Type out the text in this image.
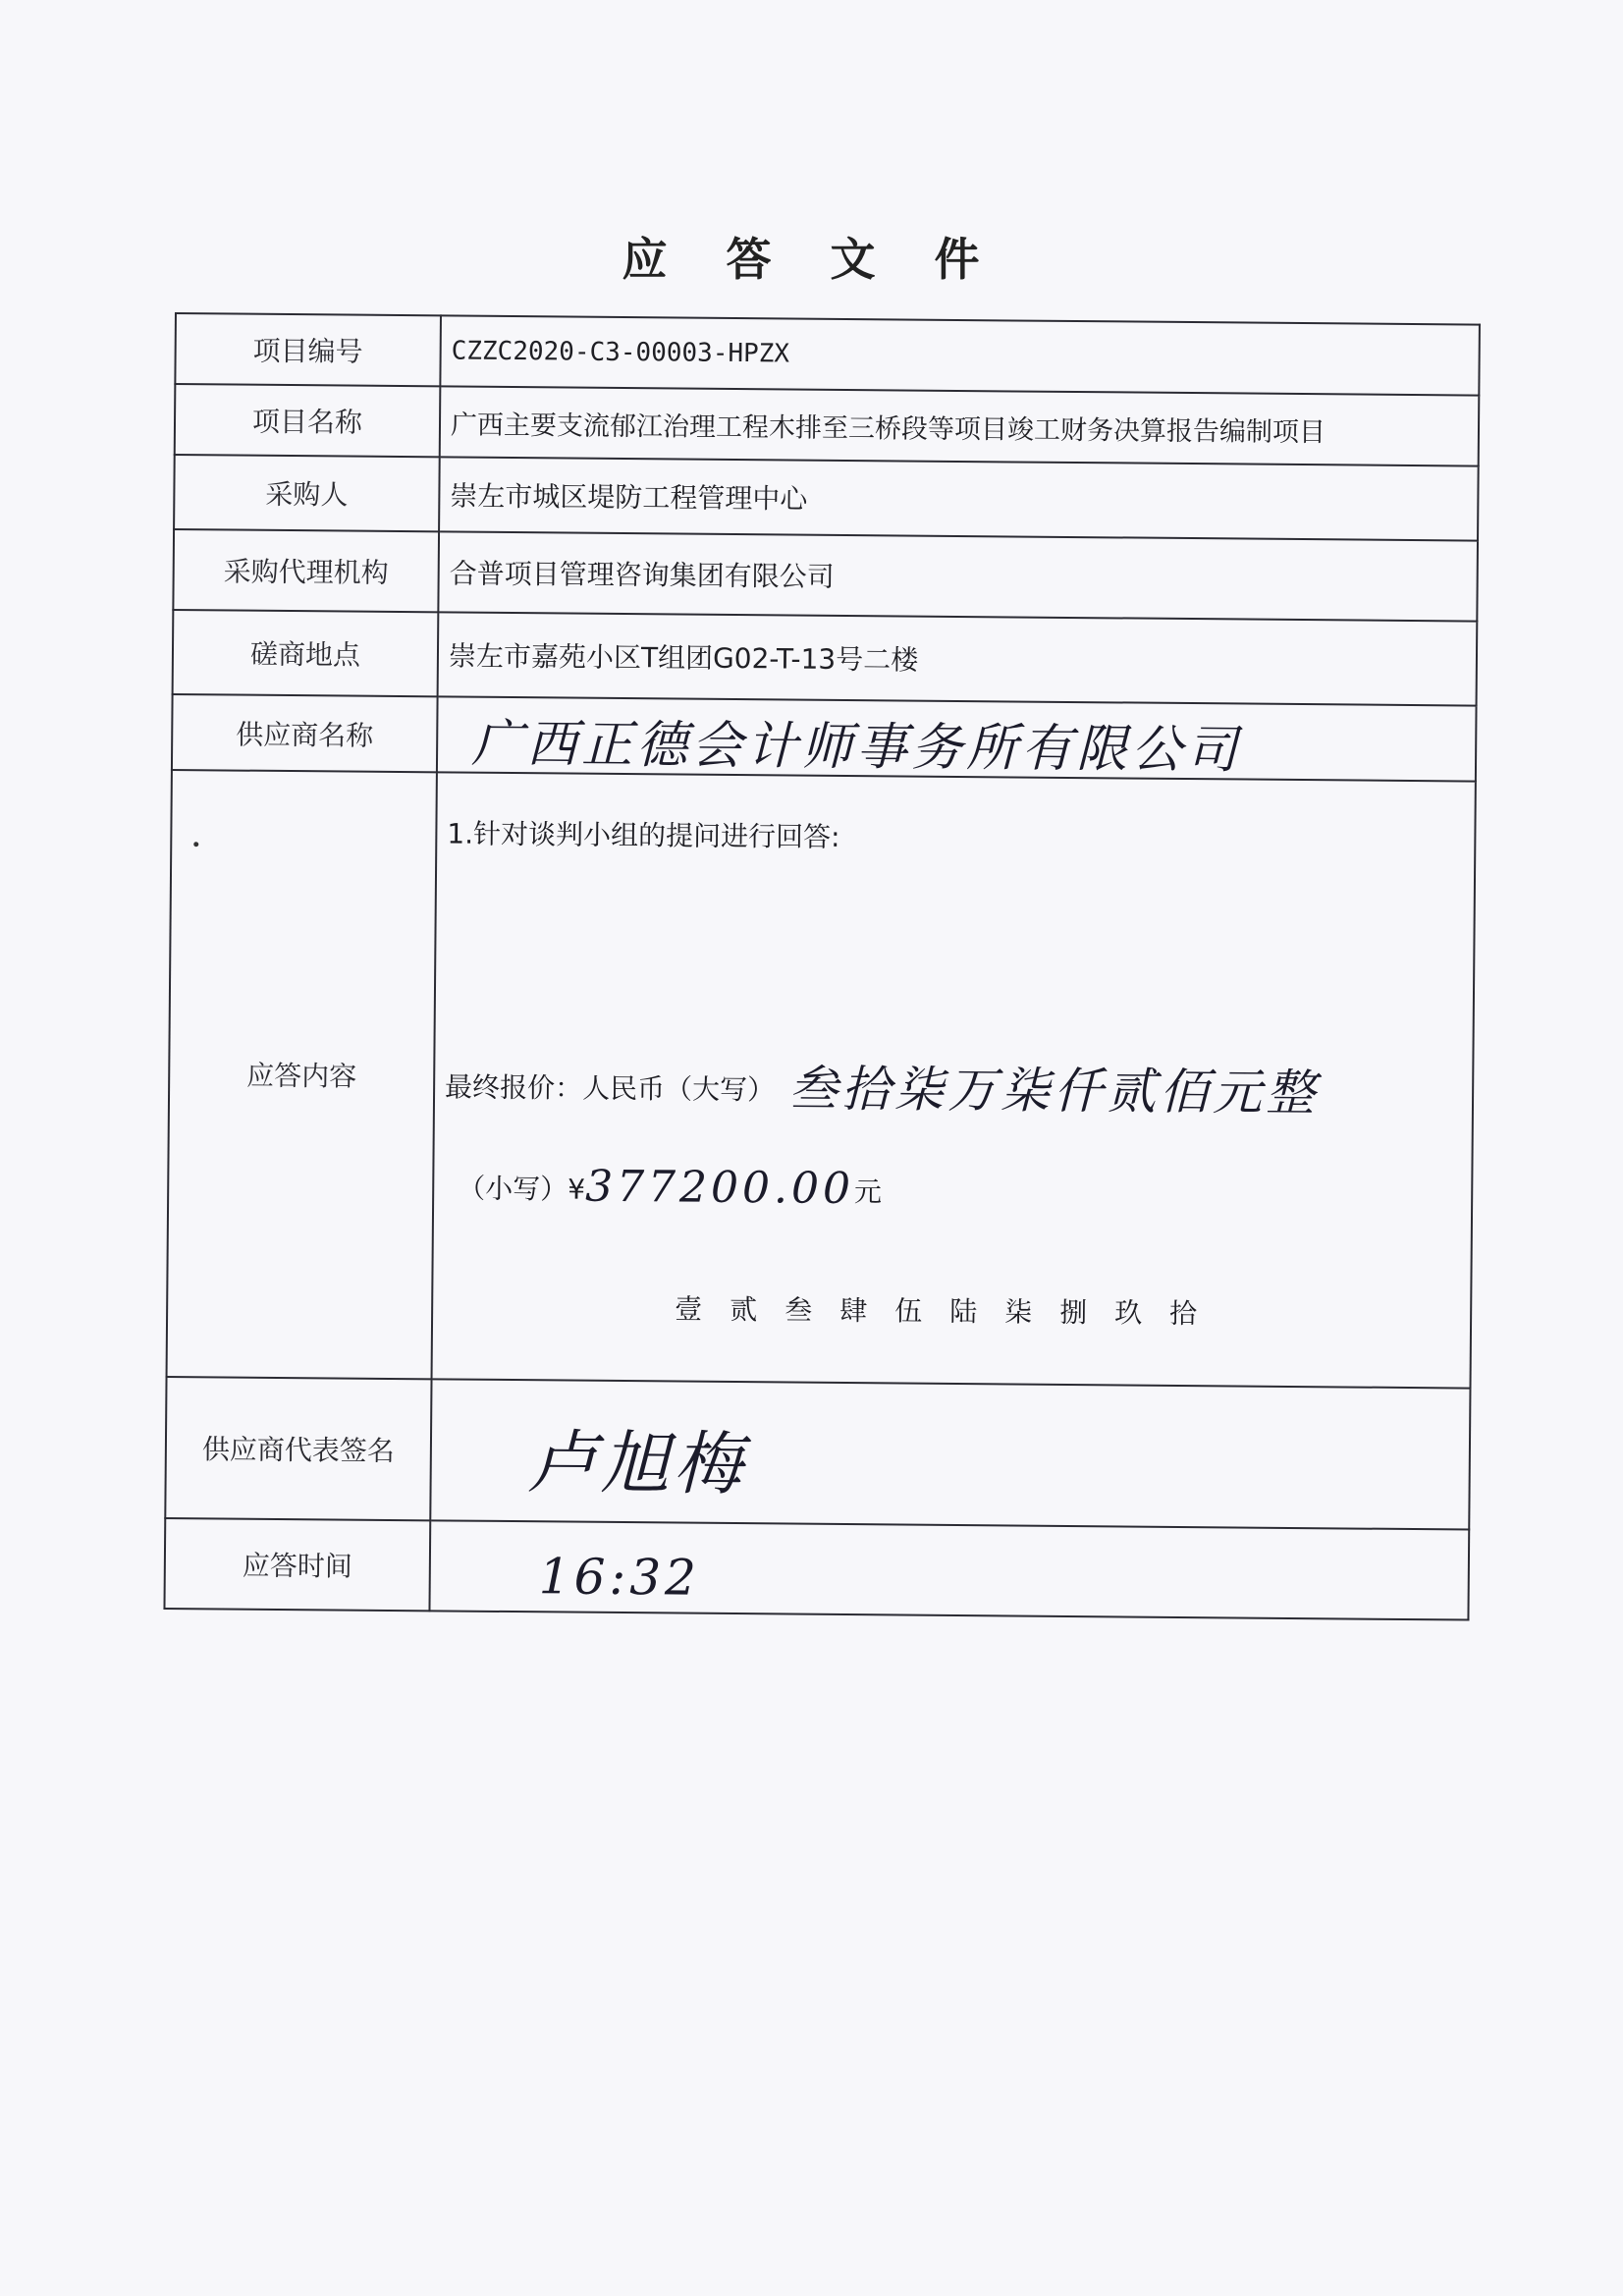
应 答 文 件
项目编号	CZZC2020-C3-00003-HPZX
项目名称	广西主要支流郁江治理工程木排至三桥段等项目竣工财务决算报告编制项目
采购人	崇左市城区堤防工程管理中心
采购代理机构	合普项目管理咨询集团有限公司
磋商地点	崇左市嘉苑小区T组团G02-T-13号二楼
供应商名称	广西正德会计师事务所有限公司

应答内容	1.针对谈判小组的提问进行回答:
最终报价：人民币（大写） 叁拾柒万柒仟贰佰元整
（小写）¥377200.00元
壹贰叁肆伍陆柒捌玖拾

供应商代表签名	卢旭梅
应答时间	16:32
